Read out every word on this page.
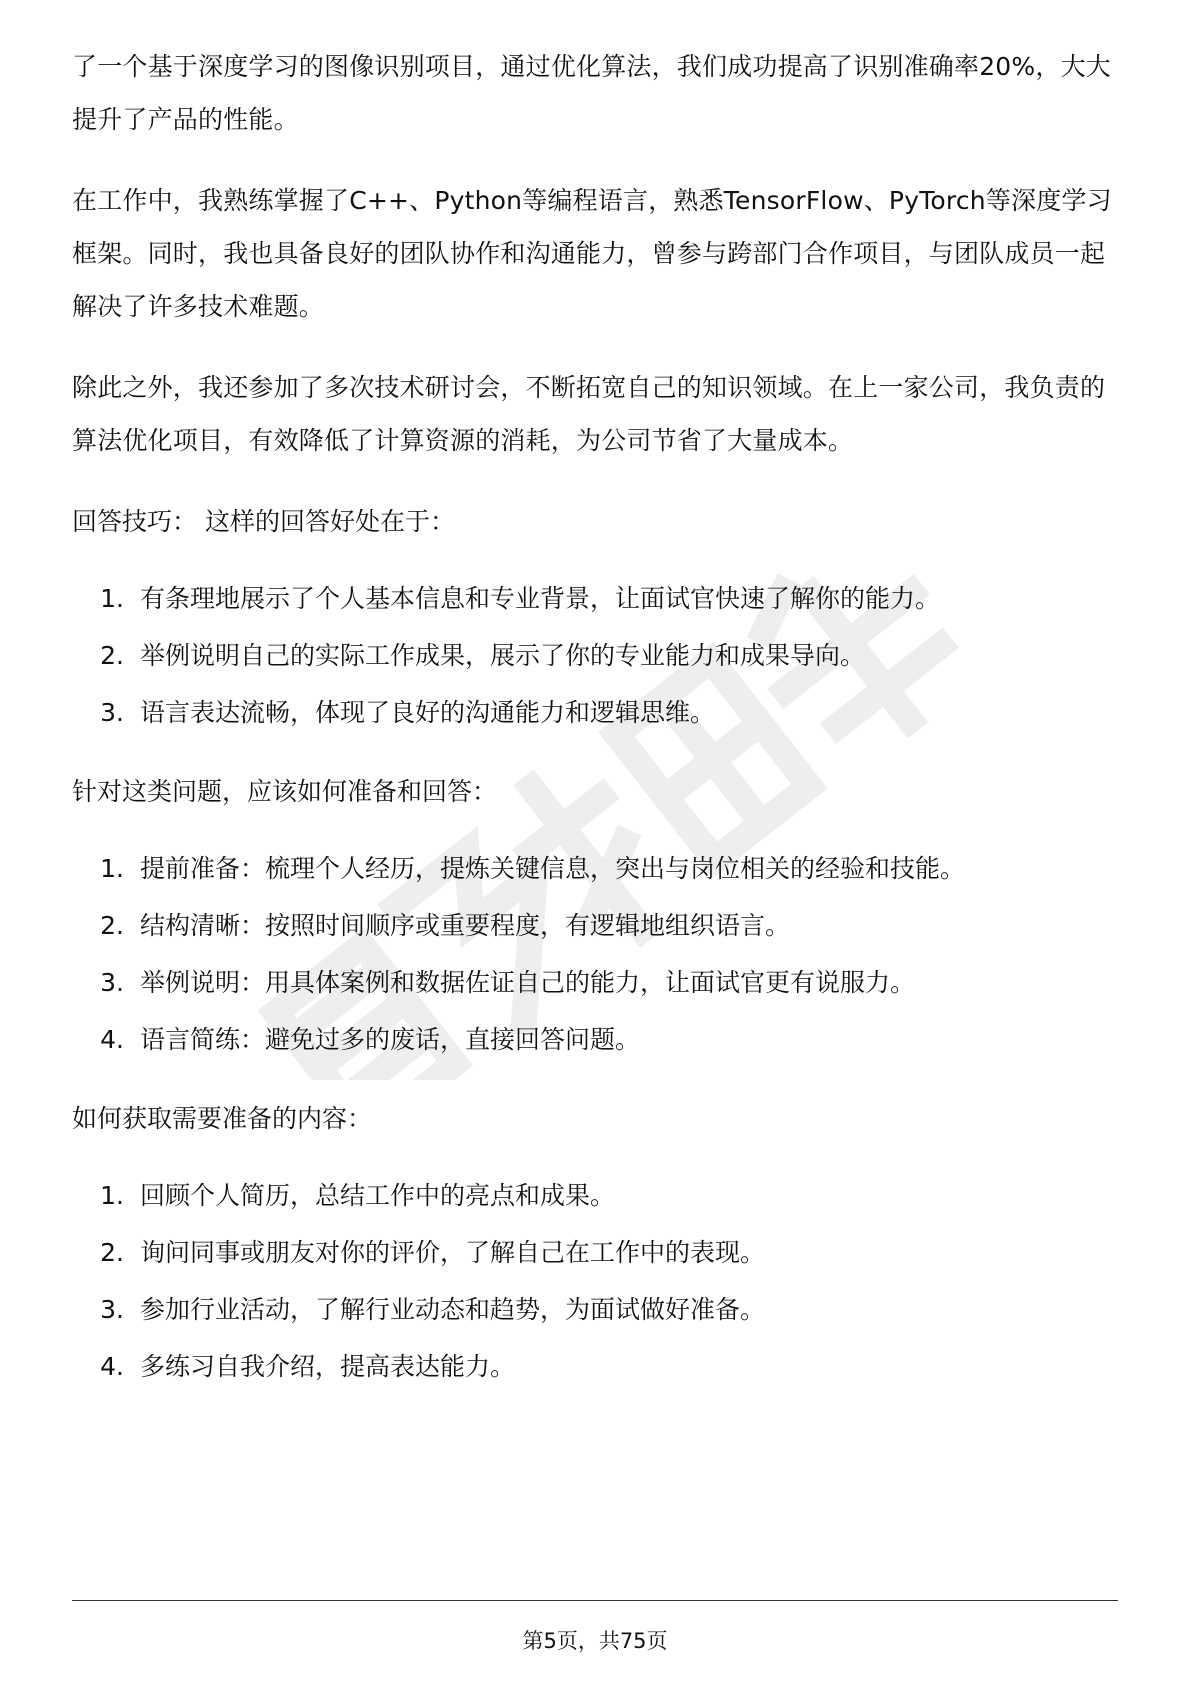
了一个基于深度学习的图像识别项目，通过优化算法，我们成功提高了识别准确率20%，大大提升了产品的性能。

在工作中，我熟练掌握了C++、Python等编程语言，熟悉TensorFlow、PyTorch等深度学习框架。同时，我也具备良好的团队协作和沟通能力，曾参与跨部门合作项目，与团队成员一起解决了许多技术难题。

除此之外，我还参加了多次技术研讨会，不断拓宽自己的知识领域。在上一家公司，我负责的算法优化项目，有效降低了计算资源的消耗，为公司节省了大量成本。

回答技巧： 这样的回答好处在于：

1. 有条理地展示了个人基本信息和专业背景，让面试官快速了解你的能力。
2. 举例说明自己的实际工作成果，展示了你的专业能力和成果导向。
3. 语言表达流畅，体现了良好的沟通能力和逻辑思维。

针对这类问题，应该如何准备和回答：

1. 提前准备：梳理个人经历，提炼关键信息，突出与岗位相关的经验和技能。
2. 结构清晰：按照时间顺序或重要程度，有逻辑地组织语言。
3. 举例说明：用具体案例和数据佐证自己的能力，让面试官更有说服力。
4. 语言简练：避免过多的废话，直接回答问题。

如何获取需要准备的内容：

1. 回顾个人简历，总结工作中的亮点和成果。
2. 询问同事或朋友对你的评价，了解自己在工作中的表现。
3. 参加行业活动，了解行业动态和趋势，为面试做好准备。
4. 多练习自我介绍，提高表达能力。
第5页，共75页
